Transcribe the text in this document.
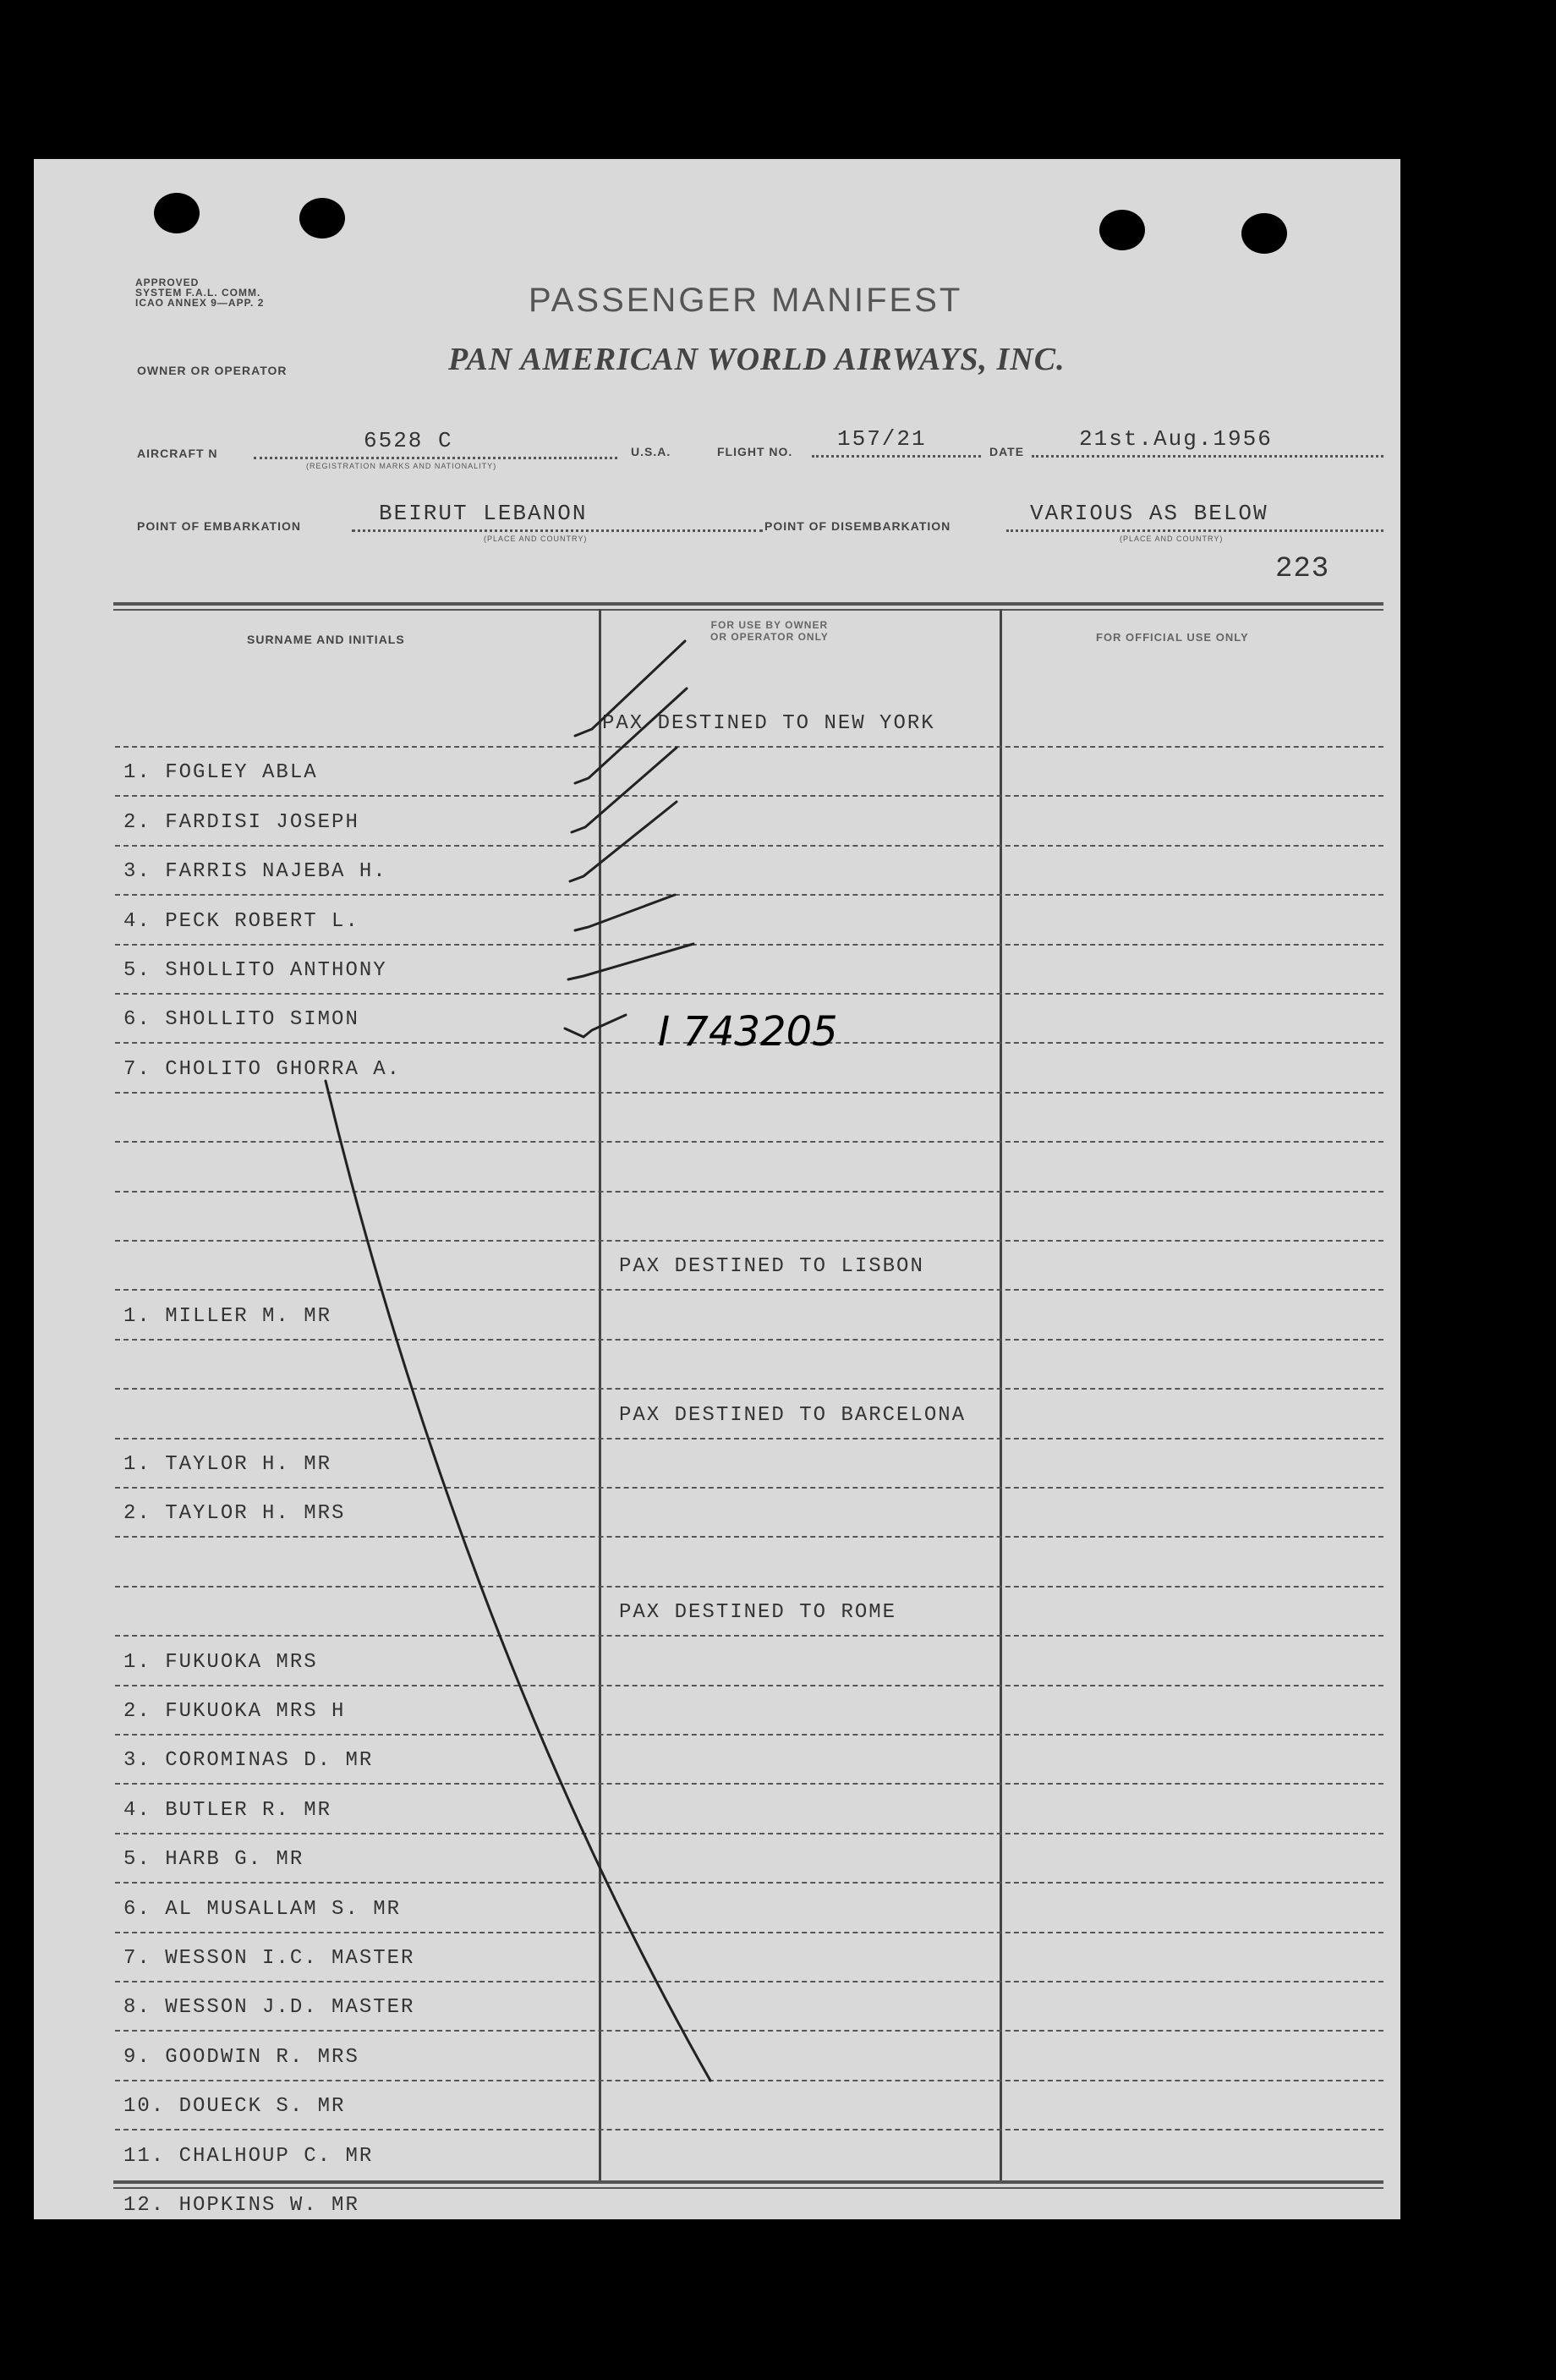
APPROVED
SYSTEM F.A.L. COMM.
ICAO ANNEX 9—APP. 2	PASSENGER MANIFEST
OWNER OR OPERATOR	PAN AMERICAN WORLD AIRWAYS, INC.
AIRCRAFT N	6528 C
(REGISTRATION MARKS AND NATIONALITY)
U.S.A.	FLIGHT NO. 157/21	DATE 21st.Aug.1956
POINT OF EMBARKATION	BEIRUT LEBANON
(PLACE AND COUNTRY)
POINT OF DISEMBARKATION	VARIOUS AS BELOW
(PLACE AND COUNTRY)
223
SURNAME AND INITIALS
FOR USE BY OWNER
OR OPERATOR ONLY	FOR OFFICIAL USE ONLY
PAX DESTINED TO NEW YORK
1. FOGLEY ABLA
2. FARDISI JOSEPH
3. FARRIS NAJEBA H.
4. PECK ROBERT L.
5. SHOLLITO ANTHONY
6. SHOLLITO SIMON
7. CHOLITO GHORRA A.
PAX DESTINED TO LISBON
1. MILLER M. MR
PAX DESTINED TO BARCELONA
1. TAYLOR H. MR
2. TAYLOR H. MRS
PAX DESTINED TO ROME
1. FUKUOKA MRS
2. FUKUOKA MRS H
3. COROMINAS D. MR
4. BUTLER R. MR
5. HARB G. MR
6. AL MUSALLAM S. MR
7. WESSON I.C. MASTER
8. WESSON J.D. MASTER
9. GOODWIN R. MRS
10. DOUECK S. MR
11. CHALHOUP C. MR
12. HOPKINS W. MR
I 743205
